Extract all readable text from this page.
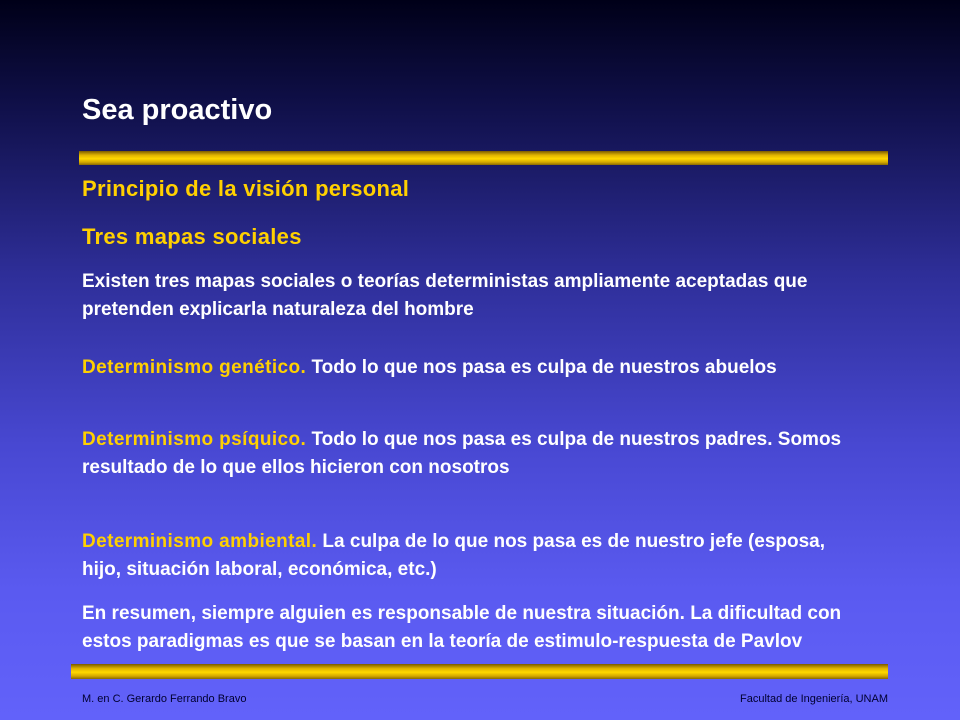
Sea proactivo
Principio de la visión personal
Tres mapas sociales

Existen tres mapas sociales o teorías deterministas ampliamente aceptadas que pretenden explicarla naturaleza del hombre

Determinismo genético. Todo lo que nos pasa es culpa de nuestros abuelos

Determinismo psíquico. Todo lo que nos pasa es culpa de nuestros padres. Somos resultado de lo que ellos hicieron con nosotros

Determinismo ambiental. La culpa de lo que nos pasa es de nuestro jefe (esposa, hijo, situación laboral, económica, etc.)

En resumen, siempre alguien es responsable de nuestra situación. La dificultad con estos paradigmas es que se basan en la teoría de estimulo-respuesta de Pavlov

M. en C. Gerardo Ferrando Bravo	Facultad de Ingeniería, UNAM
